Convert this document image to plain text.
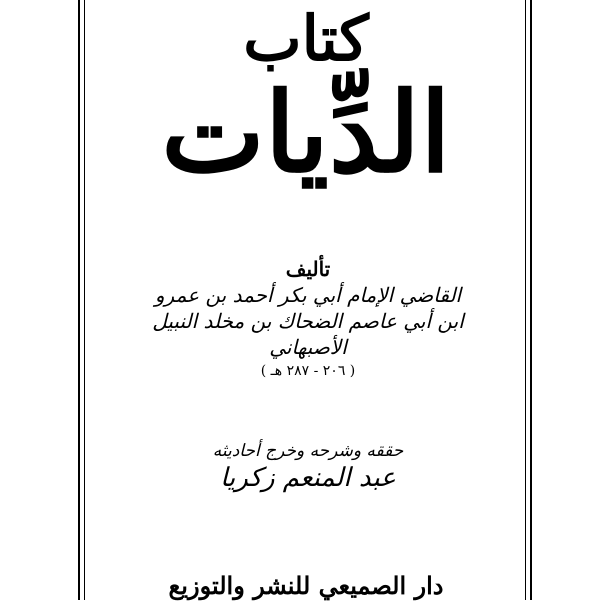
كتاب
الدِّيات
تأليف
القاضي الإمام أبي بكر أحمد بن عمرو
ابن أبي عاصم الضحاك بن مخلد النبيل
الأصبهاني
( ٢٠٦ - ٢٨٧ هـ )
حققه وشرحه وخرج أحاديثه
عبد المنعم زكريا
دار الصميعي للنشر والتوزيع
